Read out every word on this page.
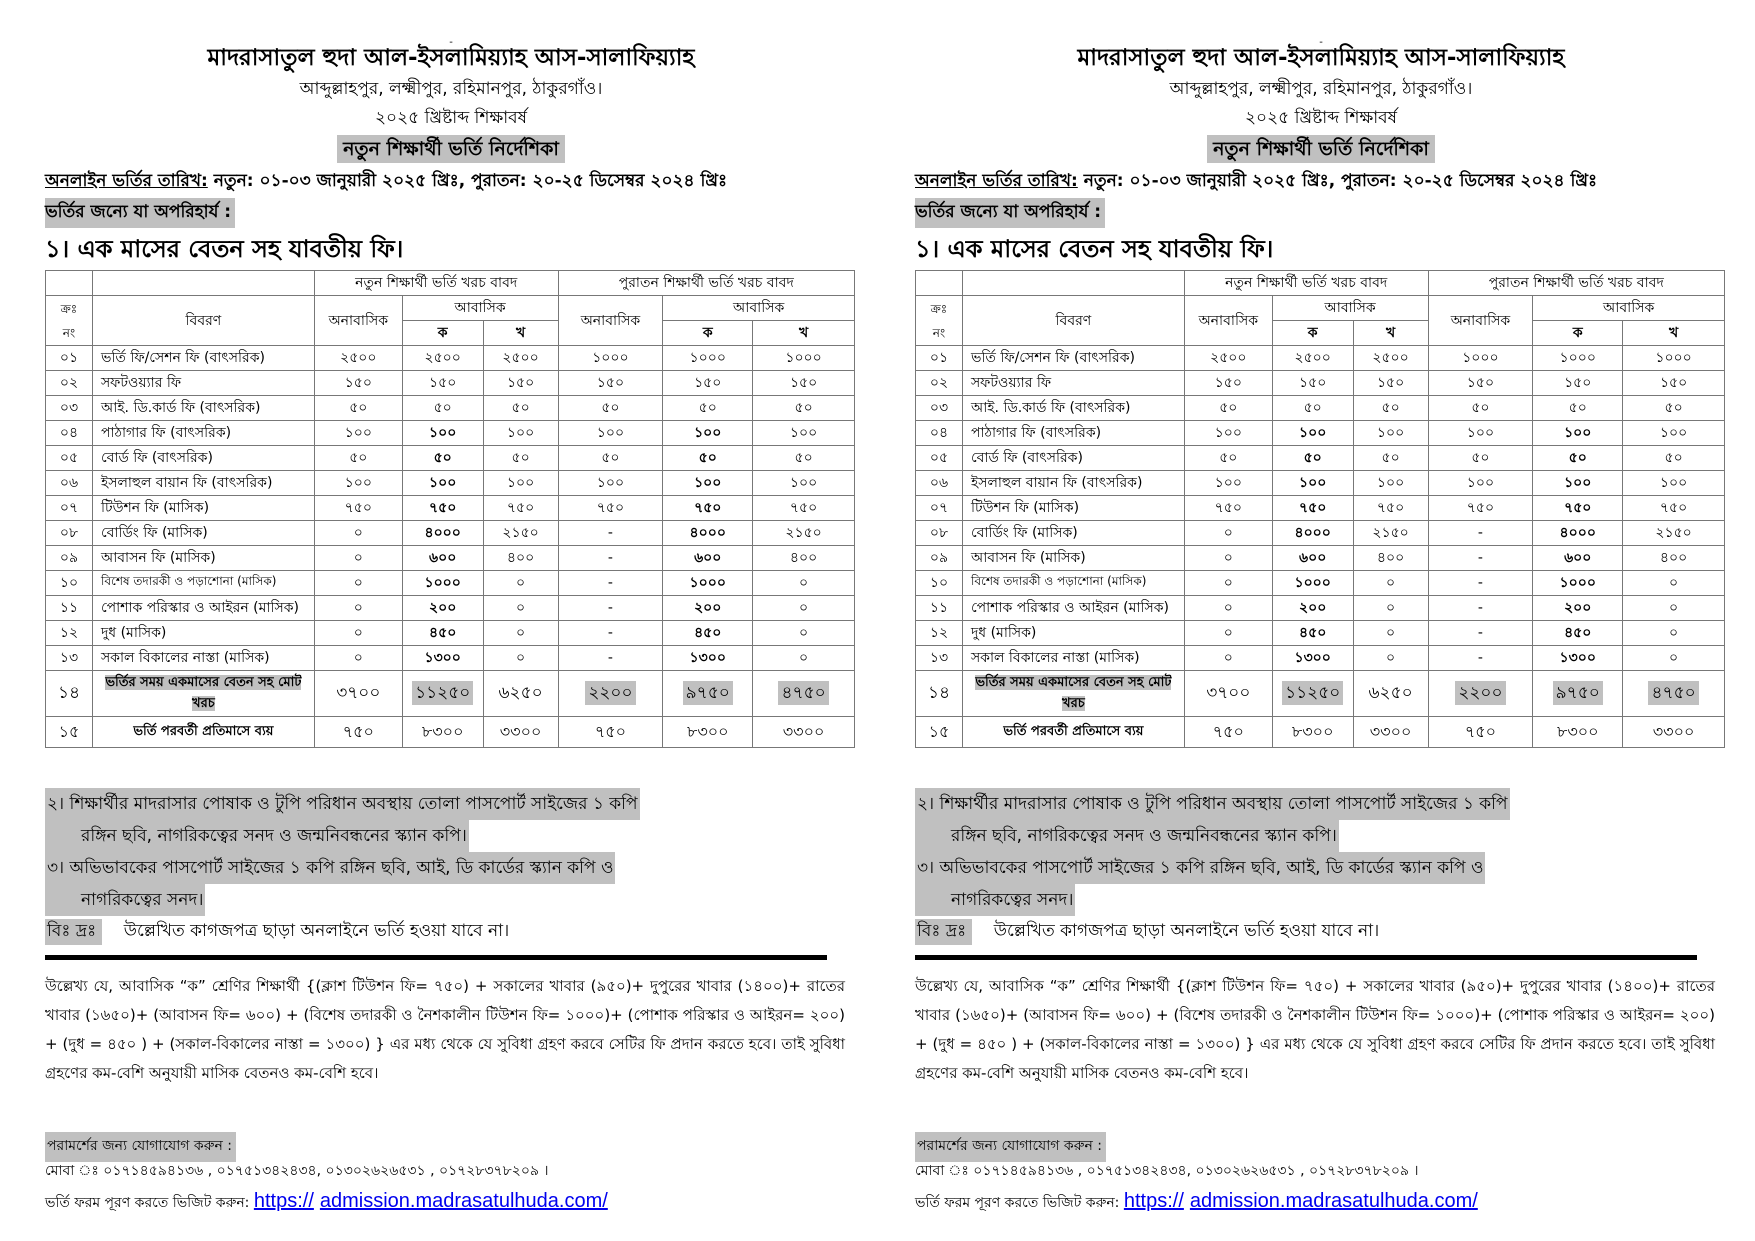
-
মাদরাসাতুল হুদা আল-ইসলামিয়্যাহ আস-সালাফিয়্যাহ
আব্দুল্লাহপুর, লক্ষ্মীপুর, রহিমানপুর, ঠাকুরগাঁও।
২০২৫ খ্রিষ্টাব্দ শিক্ষাবর্ষ
নতুন শিক্ষার্থী ভর্তি নির্দেশিকা
অনলাইন ভর্তির তারিখ: নতুন: ০১-০৩ জানুয়ারী ২০২৫ খ্রিঃ, পুরাতন: ২০-২৫ ডিসেম্বর ২০২৪ খ্রিঃ
ভর্তির জন্যে যা অপরিহার্য :
১। এক মাসের বেতন সহ যাবতীয় ফি।
		নতুন শিক্ষার্থী ভর্তি খরচ বাবদ			পুরাতন শিক্ষার্থী ভর্তি খরচ বাবদ		
ক্রঃ নং	বিবরণ	অনাবাসিক	আবাসিক		অনাবাসিক	আবাসিক	
			ক	খ		ক	খ
০১	ভর্তি ফি/সেশন ফি (বাৎসরিক)	২৫০০	২৫০০	২৫০০	১০০০	১০০০	১০০০
০২	সফটওয়্যার ফি	১৫০	১৫০	১৫০	১৫০	১৫০	১৫০
০৩	আই. ডি.কার্ড ফি (বাৎসরিক)	৫০	৫০	৫০	৫০	৫০	৫০
০৪	পাঠাগার ফি (বাৎসরিক)	১০০	১০০	১০০	১০০	১০০	১০০
০৫	বোর্ড ফি (বাৎসরিক)	৫০	৫০	৫০	৫০	৫০	৫০
০৬	ইসলাহুল বায়ান ফি (বাৎসরিক)	১০০	১০০	১০০	১০০	১০০	১০০
০৭	টিউশন ফি (মাসিক)	৭৫০	৭৫০	৭৫০	৭৫০	৭৫০	৭৫০
০৮	বোর্ডিং ফি (মাসিক)	০	৪০০০	২১৫০	-	৪০০০	২১৫০
০৯	আবাসন ফি (মাসিক)	০	৬০০	৪০০	-	৬০০	৪০০
১০	বিশেষ তদারকী ও পড়াশোনা (মাসিক)	০	১০০০	০	-	১০০০	০
১১	পোশাক পরিস্কার ও আইরন (মাসিক)	০	২০০	০	-	২০০	০
১২	দুধ (মাসিক)	০	৪৫০	০	-	৪৫০	০
১৩	সকাল বিকালের নাস্তা (মাসিক)	০	১৩০০	০	-	১৩০০	০
১৪	ভর্তির সময় একমাসের বেতন সহ মোট খরচ	৩৭০০	১১২৫০	৬২৫০	২২০০	৯৭৫০	৪৭৫০
১৫	ভর্তি পরবর্তী প্রতিমাসে ব্যয়	৭৫০	৮৩০০	৩৩০০	৭৫০	৮৩০০	৩৩০০
২। শিক্ষার্থীর মাদরাসার পোষাক ও টুপি পরিধান অবস্থায় তোলা পাসপোর্ট সাইজের ১ কপি
রঙ্গিন ছবি, নাগরিকত্বের সনদ ও জন্মনিবন্ধনের স্ক্যান কপি।
৩। অভিভাবকের পাসপোর্ট সাইজের ১ কপি রঙ্গিন ছবি, আই, ডি কার্ডের স্ক্যান কপি ও
নাগরিকত্বের সনদ।
বিঃ দ্রঃ উল্লেখিত কাগজপত্র ছাড়া অনলাইনে ভর্তি হওয়া যাবে না।
উল্লেখ্য যে, আবাসিক “ক” শ্রেণির শিক্ষার্থী {(ক্লাশ টিউশন ফি= ৭৫০) + সকালের খাবার (৯৫০)+ দুপুরের খাবার (১৪০০)+ রাতের খাবার (১৬৫০)+ (আবাসন ফি= ৬০০) + (বিশেষ তদারকী ও নৈশকালীন টিউশন ফি= ১০০০)+ (পোশাক পরিস্কার ও আইরন= ২০০) + (দুধ = ৪৫০ ) + (সকাল-বিকালের নাস্তা = ১৩০০) } এর মধ্য থেকে যে সুবিধা গ্রহণ করবে সেটির ফি প্রদান করতে হবে। তাই সুবিধা গ্রহণের কম-বেশি অনুযায়ী মাসিক বেতনও কম-বেশি হবে।
পরামর্শের জন্য যোগাযোগ করুন :
মোবা ঃ ০১৭১৪৫৯৪১৩৬ , ০১৭৫১৩৪২৪৩৪, ০১৩০২৬২৬৫৩১ , ০১৭২৮৩৭৮২০৯ ।
ভর্তি ফরম পূরণ করতে ভিজিট করুন: https:// admission.madrasatulhuda.com/
-
মাদরাসাতুল হুদা আল-ইসলামিয়্যাহ আস-সালাফিয়্যাহ
আব্দুল্লাহপুর, লক্ষ্মীপুর, রহিমানপুর, ঠাকুরগাঁও।
২০২৫ খ্রিষ্টাব্দ শিক্ষাবর্ষ
নতুন শিক্ষার্থী ভর্তি নির্দেশিকা
অনলাইন ভর্তির তারিখ: নতুন: ০১-০৩ জানুয়ারী ২০২৫ খ্রিঃ, পুরাতন: ২০-২৫ ডিসেম্বর ২০২৪ খ্রিঃ
ভর্তির জন্যে যা অপরিহার্য :
১। এক মাসের বেতন সহ যাবতীয় ফি।
		নতুন শিক্ষার্থী ভর্তি খরচ বাবদ			পুরাতন শিক্ষার্থী ভর্তি খরচ বাবদ		
ক্রঃ নং	বিবরণ	অনাবাসিক	আবাসিক		অনাবাসিক	আবাসিক	
			ক	খ		ক	খ
০১	ভর্তি ফি/সেশন ফি (বাৎসরিক)	২৫০০	২৫০০	২৫০০	১০০০	১০০০	১০০০
০২	সফটওয়্যার ফি	১৫০	১৫০	১৫০	১৫০	১৫০	১৫০
০৩	আই. ডি.কার্ড ফি (বাৎসরিক)	৫০	৫০	৫০	৫০	৫০	৫০
০৪	পাঠাগার ফি (বাৎসরিক)	১০০	১০০	১০০	১০০	১০০	১০০
০৫	বোর্ড ফি (বাৎসরিক)	৫০	৫০	৫০	৫০	৫০	৫০
০৬	ইসলাহুল বায়ান ফি (বাৎসরিক)	১০০	১০০	১০০	১০০	১০০	১০০
০৭	টিউশন ফি (মাসিক)	৭৫০	৭৫০	৭৫০	৭৫০	৭৫০	৭৫০
০৮	বোর্ডিং ফি (মাসিক)	০	৪০০০	২১৫০	-	৪০০০	২১৫০
০৯	আবাসন ফি (মাসিক)	০	৬০০	৪০০	-	৬০০	৪০০
১০	বিশেষ তদারকী ও পড়াশোনা (মাসিক)	০	১০০০	০	-	১০০০	০
১১	পোশাক পরিস্কার ও আইরন (মাসিক)	০	২০০	০	-	২০০	০
১২	দুধ (মাসিক)	০	৪৫০	০	-	৪৫০	০
১৩	সকাল বিকালের নাস্তা (মাসিক)	০	১৩০০	০	-	১৩০০	০
১৪	ভর্তির সময় একমাসের বেতন সহ মোট খরচ	৩৭০০	১১২৫০	৬২৫০	২২০০	৯৭৫০	৪৭৫০
১৫	ভর্তি পরবর্তী প্রতিমাসে ব্যয়	৭৫০	৮৩০০	৩৩০০	৭৫০	৮৩০০	৩৩০০
২। শিক্ষার্থীর মাদরাসার পোষাক ও টুপি পরিধান অবস্থায় তোলা পাসপোর্ট সাইজের ১ কপি
রঙ্গিন ছবি, নাগরিকত্বের সনদ ও জন্মনিবন্ধনের স্ক্যান কপি।
৩। অভিভাবকের পাসপোর্ট সাইজের ১ কপি রঙ্গিন ছবি, আই, ডি কার্ডের স্ক্যান কপি ও
নাগরিকত্বের সনদ।
বিঃ দ্রঃ উল্লেখিত কাগজপত্র ছাড়া অনলাইনে ভর্তি হওয়া যাবে না।
উল্লেখ্য যে, আবাসিক “ক” শ্রেণির শিক্ষার্থী {(ক্লাশ টিউশন ফি= ৭৫০) + সকালের খাবার (৯৫০)+ দুপুরের খাবার (১৪০০)+ রাতের খাবার (১৬৫০)+ (আবাসন ফি= ৬০০) + (বিশেষ তদারকী ও নৈশকালীন টিউশন ফি= ১০০০)+ (পোশাক পরিস্কার ও আইরন= ২০০) + (দুধ = ৪৫০ ) + (সকাল-বিকালের নাস্তা = ১৩০০) } এর মধ্য থেকে যে সুবিধা গ্রহণ করবে সেটির ফি প্রদান করতে হবে। তাই সুবিধা গ্রহণের কম-বেশি অনুযায়ী মাসিক বেতনও কম-বেশি হবে।
পরামর্শের জন্য যোগাযোগ করুন :
মোবা ঃ ০১৭১৪৫৯৪১৩৬ , ০১৭৫১৩৪২৪৩৪, ০১৩০২৬২৬৫৩১ , ০১৭২৮৩৭৮২০৯ ।
ভর্তি ফরম পূরণ করতে ভিজিট করুন: https:// admission.madrasatulhuda.com/
